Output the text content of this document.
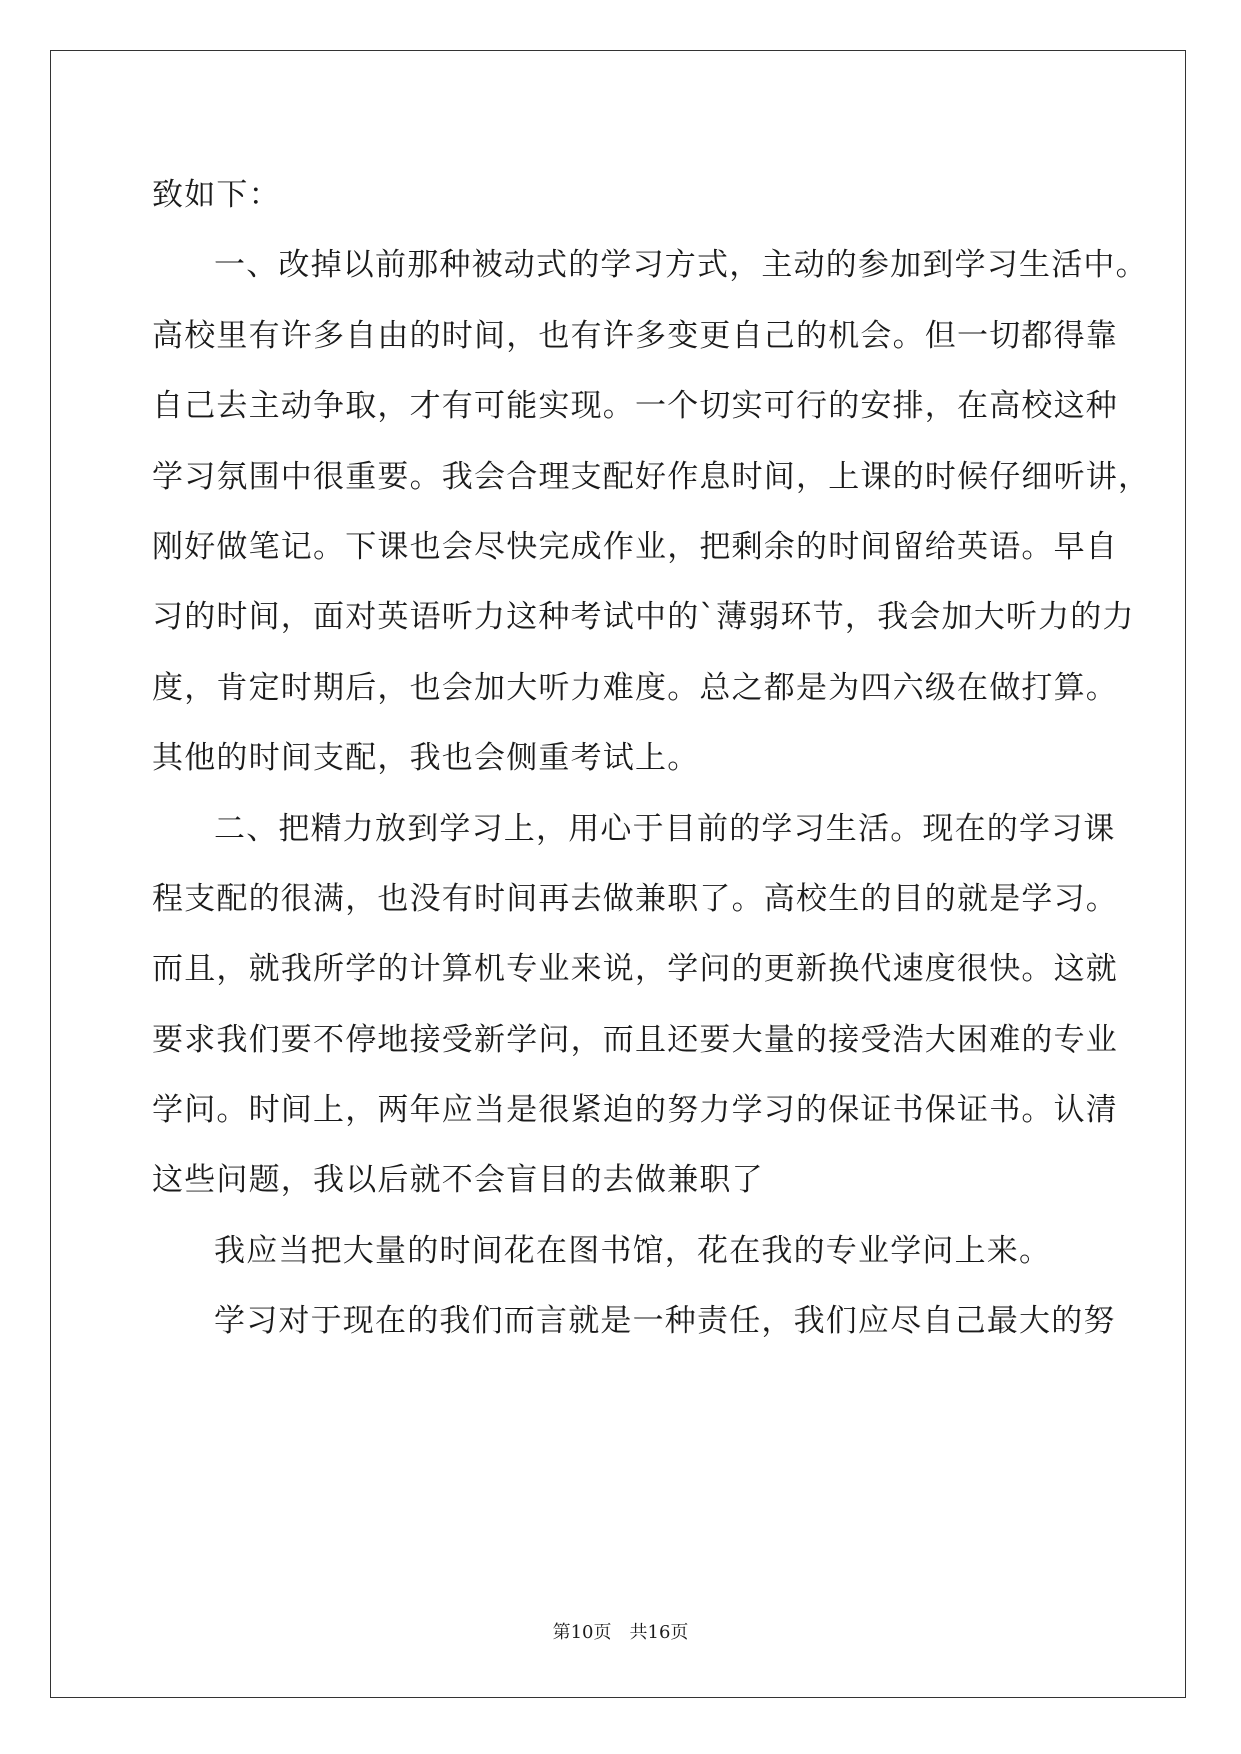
致如下：
一、改掉以前那种被动式的学习方式，主动的参加到学习生活中。
高校里有许多自由的时间，也有许多变更自己的机会。但一切都得靠
自己去主动争取，才有可能实现。一个切实可行的安排，在高校这种
学习氛围中很重要。我会合理支配好作息时间，上课的时候仔细听讲，
刚好做笔记。下课也会尽快完成作业，把剩余的时间留给英语。早自
习的时间，面对英语听力这种考试中的`薄弱环节，我会加大听力的力
度，肯定时期后，也会加大听力难度。总之都是为四六级在做打算。
其他的时间支配，我也会侧重考试上。
二、把精力放到学习上，用心于目前的学习生活。现在的学习课
程支配的很满，也没有时间再去做兼职了。高校生的目的就是学习。
而且，就我所学的计算机专业来说，学问的更新换代速度很快。这就
要求我们要不停地接受新学问，而且还要大量的接受浩大困难的专业
学问。时间上，两年应当是很紧迫的努力学习的保证书保证书。认清
这些问题，我以后就不会盲目的去做兼职了
我应当把大量的时间花在图书馆，花在我的专业学问上来。
学习对于现在的我们而言就是一种责任，我们应尽自己最大的努
第10页 共16页
